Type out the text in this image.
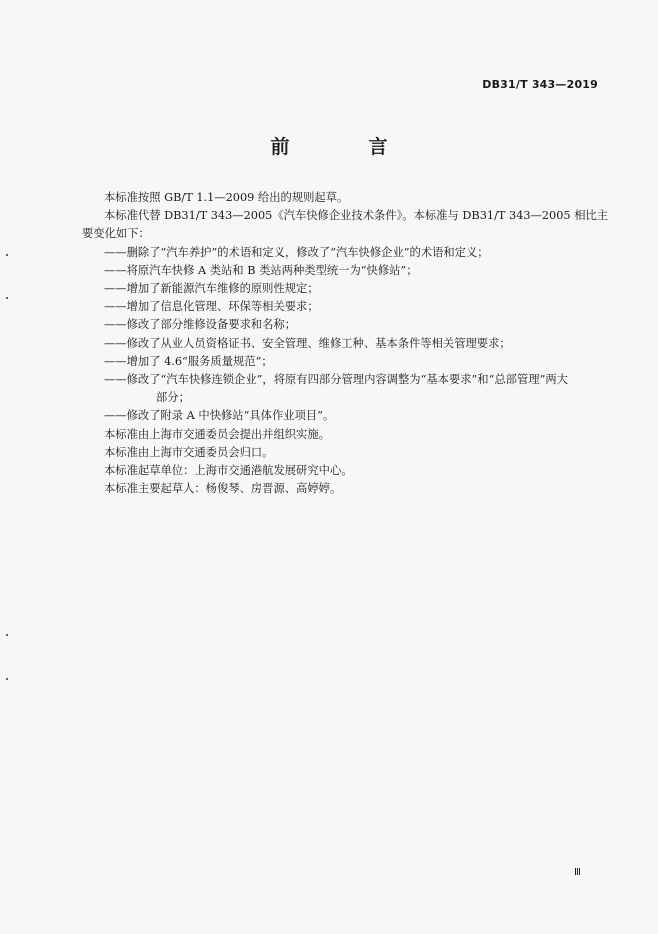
DB31/T 343—2019
前　言
本标准按照 GB/T 1.1—2009 给出的规则起草。
本标准代替 DB31/T 343—2005《汽车快修企业技术条件》。本标准与 DB31/T 343—2005 相比主
要变化如下：
——删除了“汽车养护”的术语和定义，修改了“汽车快修企业”的术语和定义；
——将原汽车快修 A 类站和 B 类站两种类型统一为“快修站”；
——增加了新能源汽车维修的原则性规定；
——增加了信息化管理、环保等相关要求；
——修改了部分维修设备要求和名称；
——修改了从业人员资格证书、安全管理、维修工种、基本条件等相关管理要求；
——增加了 4.6“服务质量规范”；
——修改了“汽车快修连锁企业”，将原有四部分管理内容调整为“基本要求”和“总部管理”两大
部分；
——修改了附录 A 中快修站“具体作业项目”。
本标准由上海市交通委员会提出并组织实施。
本标准由上海市交通委员会归口。
本标准起草单位：上海市交通港航发展研究中心。
本标准主要起草人：杨俊琴、房晋源、高婷婷。
Ⅲ
